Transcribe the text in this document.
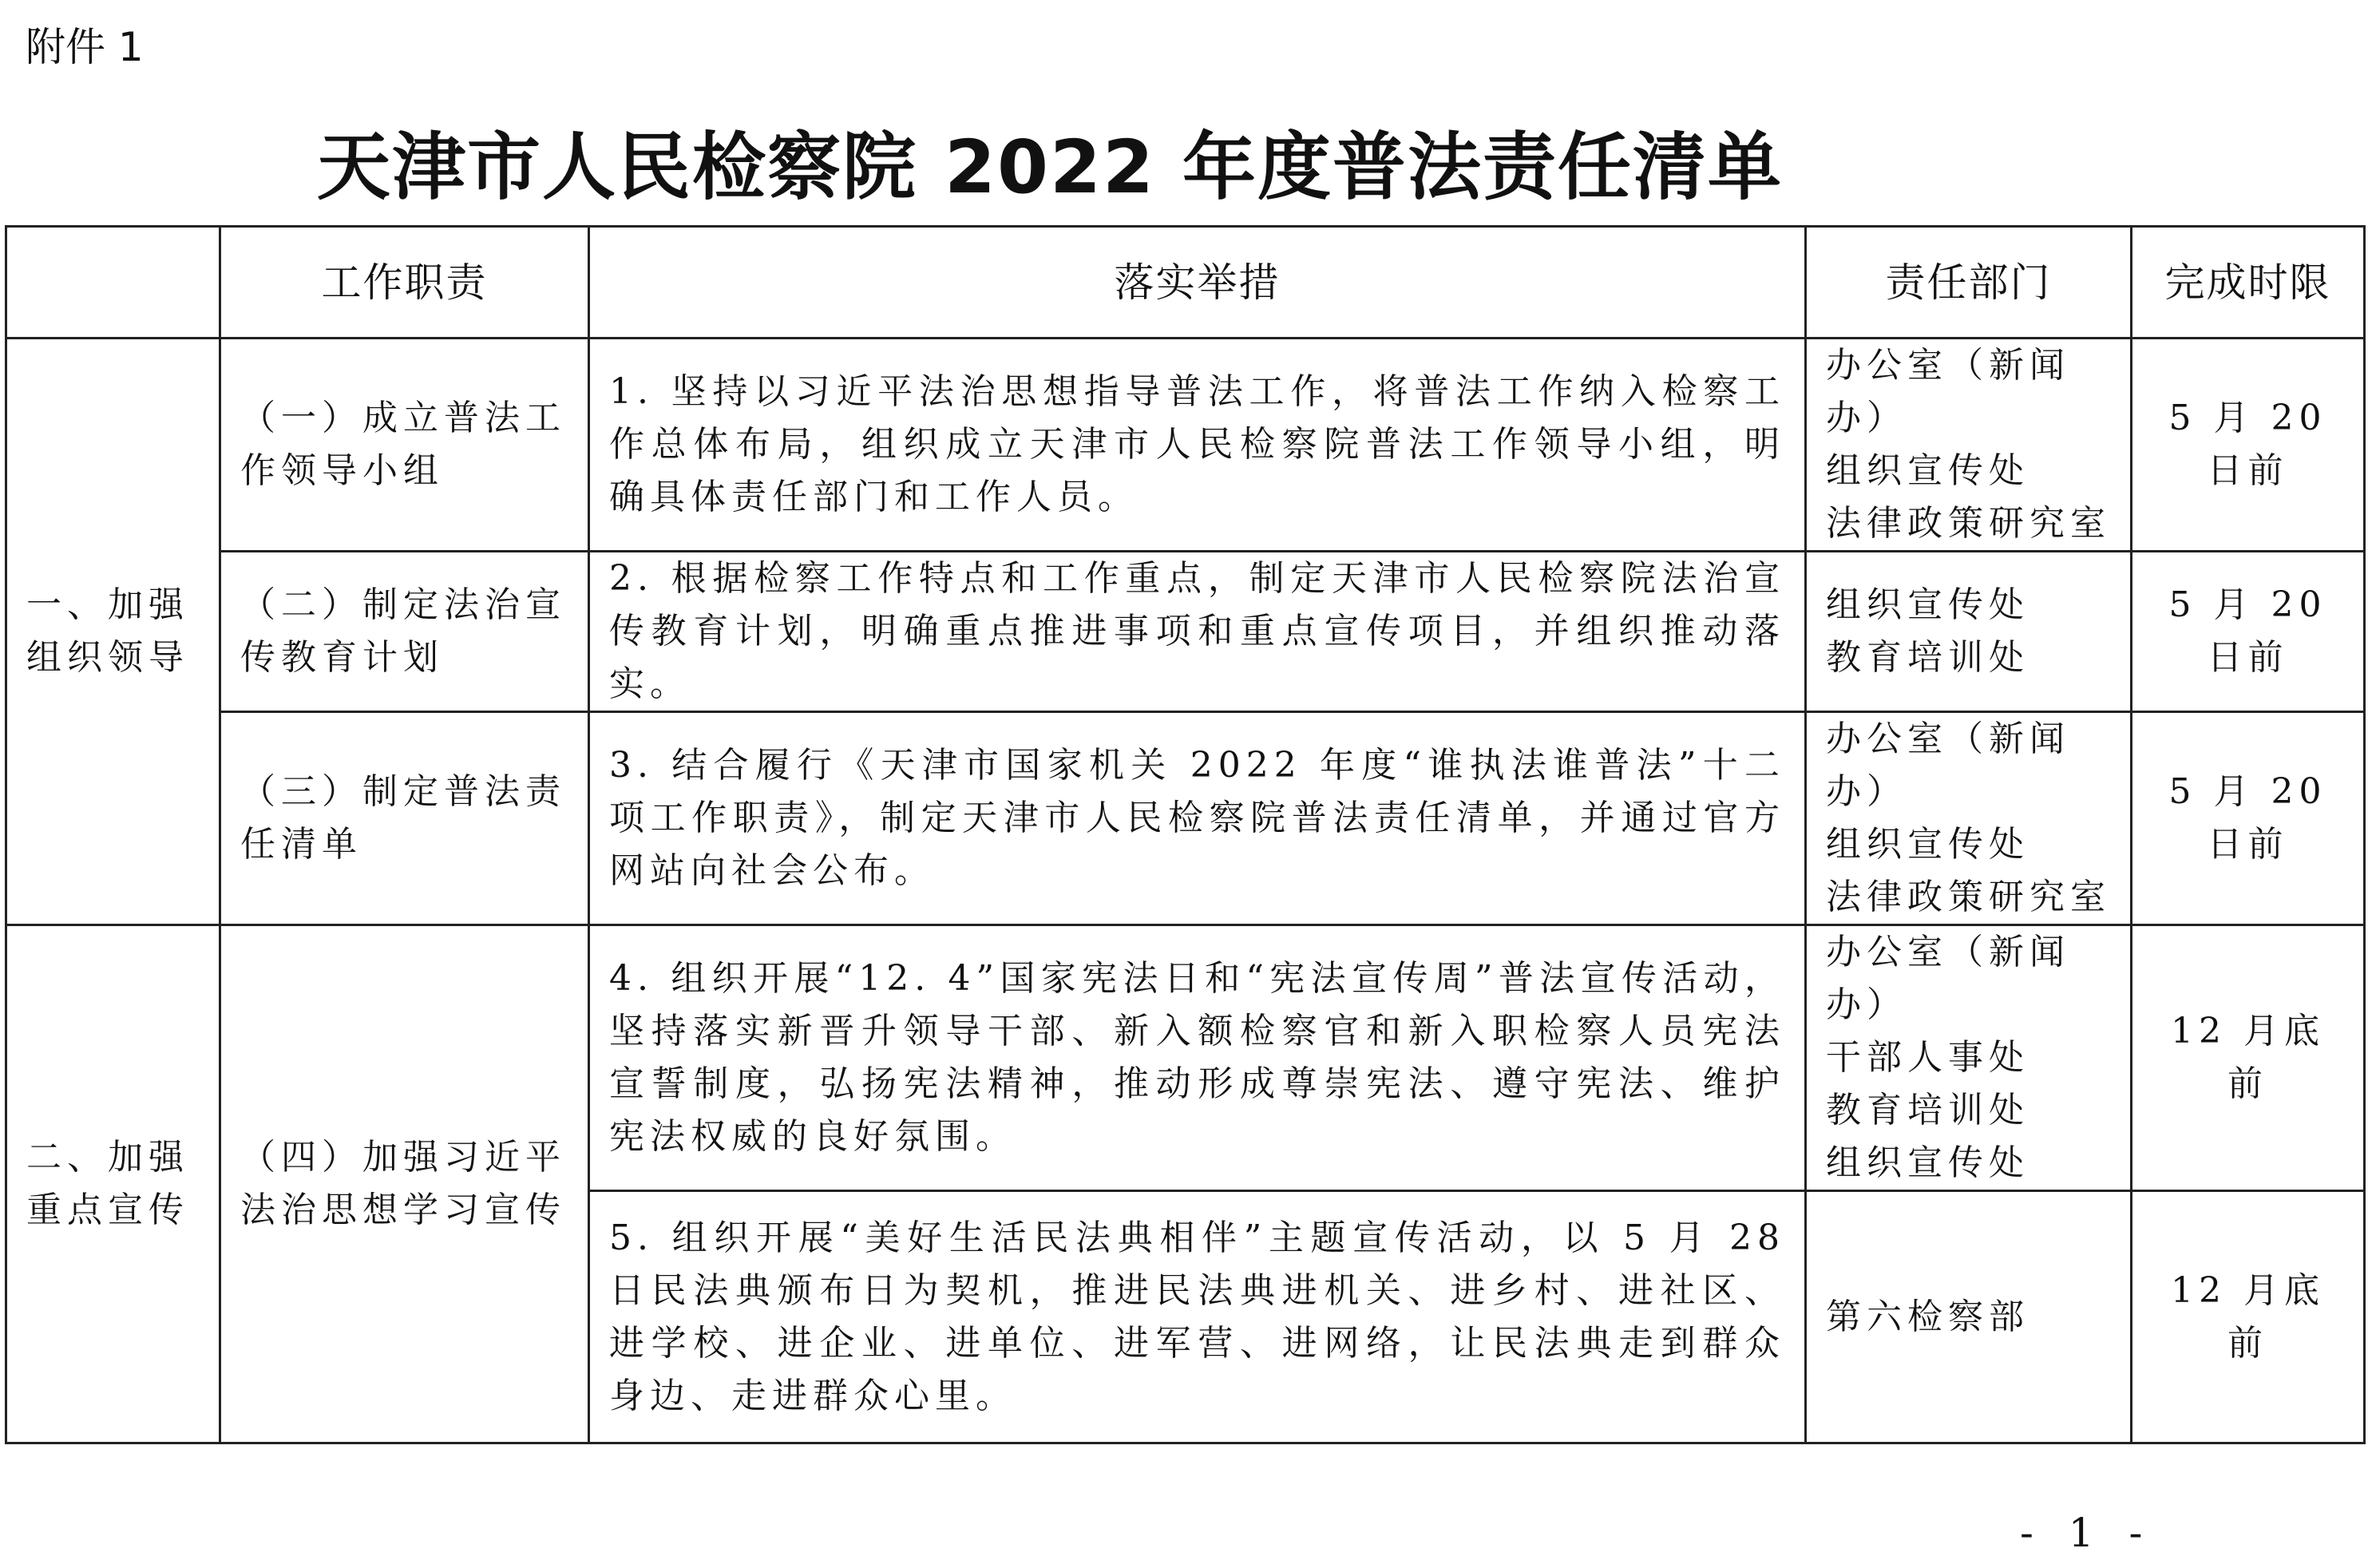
附件 1
天津市人民检察院 2022 年度普法责任清单
	工作职责	落实举措	责任部门	完成时限
一、加强组织领导	（一）成立普法工作领导小组	1. 坚持以习近平法治思想指导普法工作，将普法工作纳入检察工作总体布局，组织成立天津市人民检察院普法工作领导小组，明确具体责任部门和工作人员。	办公室（新闻办）
组织宣传处
法律政策研究室	5 月 20 日前
	（二）制定法治宣传教育计划	2. 根据检察工作特点和工作重点，制定天津市人民检察院法治宣传教育计划，明确重点推进事项和重点宣传项目，并组织推动落实。	组织宣传处
教育培训处	5 月 20 日前
	（三）制定普法责任清单	3. 结合履行《天津市国家机关 2022 年度“谁执法谁普法”十二项工作职责》，制定天津市人民检察院普法责任清单，并通过官方网站向社会公布。	办公室（新闻办）
组织宣传处
法律政策研究室	5 月 20 日前
二、加强重点宣传	（四）加强习近平法治思想学习宣传	4. 组织开展“12. 4”国家宪法日和“宪法宣传周”普法宣传活动，坚持落实新晋升领导干部、新入额检察官和新入职检察人员宪法宣誓制度，弘扬宪法精神，推动形成尊崇宪法、遵守宪法、维护宪法权威的良好氛围。	办公室（新闻办）
干部人事处
教育培训处
组织宣传处	12 月底前
		5. 组织开展“美好生活民法典相伴”主题宣传活动，以 5 月 28 日民法典颁布日为契机，推进民法典进机关、进乡村、进社区、进学校、进企业、进单位、进军营、进网络，让民法典走到群众身边、走进群众心里。	第六检察部	12 月底前
- 1 -
